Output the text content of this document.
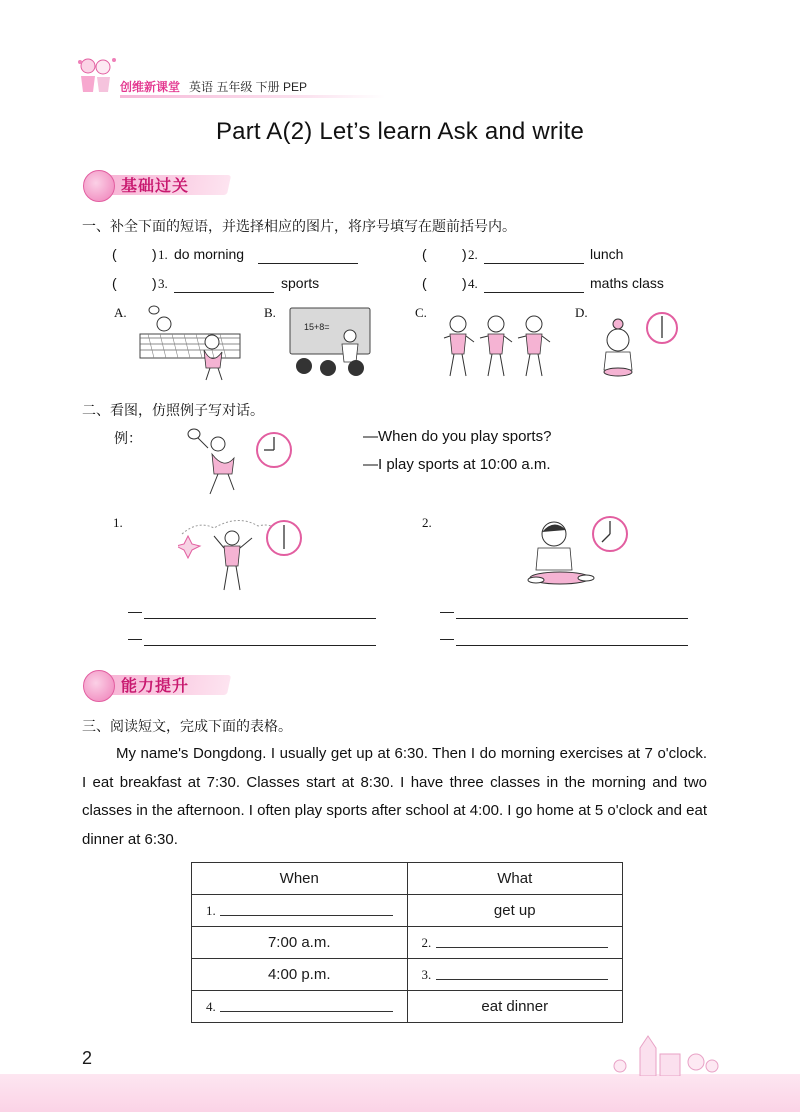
创维新课堂 英语 五年级 下册 PEP
Part A(2) Let’s learn Ask and write
基础过关
一、补全下面的短语，并选择相应的图片，将序号填写在题前括号内。
(	) 1. do morning	(	) 2.	lunch
(	) 3.	sports	(	) 4.	maths class
A.	B.
15+8=
C.	D.
二、看图，仿照例子写对话。
例：	—When do you play sports?
—I play sports at 10:00 a.m.
1.	2.
—
—
—
—
能力提升
三、阅读短文，完成下面的表格。

My name's Dongdong. I usually get up at 6:30. Then I do morning exercises at 7 o'clock. I eat breakfast at 7:30. Classes start at 8:30. I have three classes in the morning and two classes in the afternoon. I often play sports after school at 4:00. I go home at 5 o'clock and eat dinner at 6:30.

When	What

1.	get up
7:00 a.m.	2.

4:00 p.m.	3.

4.	eat dinner
2
